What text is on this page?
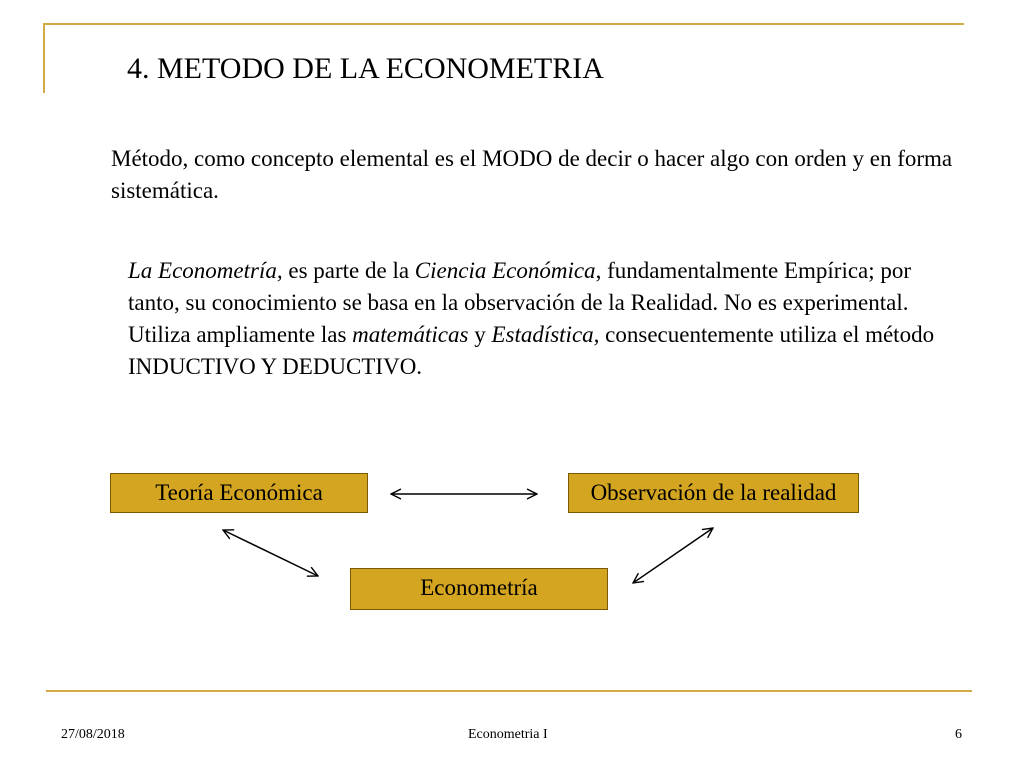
4. METODO DE LA ECONOMETRIA

Método, como concepto elemental es el MODO de decir o hacer algo con orden y en forma sistemática.

La Econometría, es parte de la Ciencia Económica, fundamentalmente Empírica; por tanto, su conocimiento se basa en la observación de la Realidad. No es experimental. Utiliza ampliamente las matemáticas y Estadística, consecuentemente utiliza el método INDUCTIVO Y DEDUCTIVO.

Teoría Económica	Observación de la realidad
Econometría
27/08/2018	Econometria I	6
